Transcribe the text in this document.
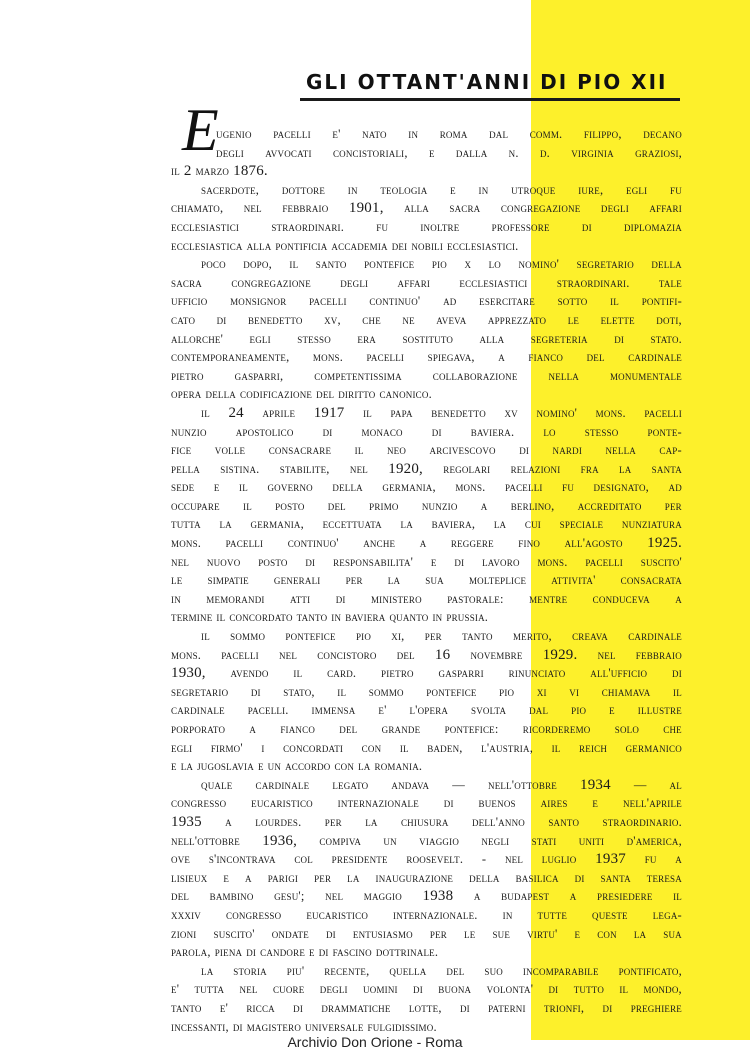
GLI OTTANT'ANNI DI PIO XII
E
ugenio pacelli e' nato in roma dal comm. filippo, decano
degli avvocati concistoriali, e dalla n. d. virginia graziosi,
il 2 marzo 1876.
sacerdote, dottore in teologia e in utroque iure, egli fu
chiamato, nel febbraio 1901, alla sacra congregazione degli affari
ecclesiastici	straordinari.	fu	inoltre	professore	di	diplomazia
ecclesiastica alla pontificia accademia dei nobili ecclesiastici.
poco dopo, il santo pontefice pio x lo nomino' segretario della
sacra congregazione degli affari ecclesiastici straordinari. tale
ufficio monsignor pacelli continuo' ad esercitare sotto il pontifi-
cato di benedetto xv, che ne aveva apprezzato le elette doti,
allorche' egli stesso era sostituto alla segreteria di stato.
contemporaneamente, mons. pacelli spiegava, a fianco del cardinale
pietro gasparri, competentissima collaborazione nella monumentale
opera della codificazione del diritto canonico.
il 24 aprile 1917 il papa benedetto xv nomino' mons. pacelli
nunzio apostolico di monaco di baviera. lo stesso ponte-
fice volle consacrare il neo arcivescovo di nardi nella cap-
pella sistina. stabilite, nel 1920, regolari relazioni fra la santa
sede e il governo della germania, mons. pacelli fu designato, ad
occupare il posto del primo nunzio a berlino, accreditato per
tutta la germania, eccettuata la baviera, la cui speciale nunziatura
mons. pacelli continuo' anche a reggere fino all'agosto 1925.
nel nuovo posto di responsabilita' e di lavoro mons. pacelli suscito'
le simpatie generali per la sua molteplice attivita' consacrata
in memorandi atti di ministero pastorale: mentre conduceva a
termine il concordato tanto in baviera quanto in prussia.
il sommo pontefice pio xi, per tanto merito, creava cardinale
mons. pacelli nel concistoro del 16 novembre 1929. nel febbraio
1930, avendo il card. pietro gasparri rinunciato all'ufficio di
segretario di stato, il sommo pontefice pio xi vi chiamava il
cardinale pacelli. immensa e' l'opera svolta dal pio e illustre
porporato a fianco del grande pontefice: ricorderemo solo che
egli firmo' i concordati con il baden, l'austria, il reich germanico
e la jugoslavia e un accordo con la romania.
quale cardinale legato andava — nell'ottobre 1934 — al
congresso eucaristico internazionale di buenos aires e nell'aprile
1935 a lourdes. per la chiusura dell'anno santo straordinario.
nell'ottobre 1936, compiva un viaggio negli stati uniti d'america,
ove s'incontrava col presidente roosevelt. - nel luglio 1937 fu a
lisieux e a parigi per la inaugurazione della basilica di santa teresa
del bambino gesu'; nel maggio 1938 a budapest a presiedere il
xxxiv congresso eucaristico internazionale. in tutte queste lega-
zioni suscito' ondate di entusiasmo per le sue virtu' e con la sua
parola, piena di candore e di fascino dottrinale.
la storia piu' recente, quella del suo incomparabile pontificato,
e' tutta nel cuore degli uomini di buona volonta' di tutto il mondo,
tanto e' ricca di drammatiche lotte, di paterni trionfi, di preghiere
incessanti, di magistero universale fulgidissimo.
Archivio Don Orione - Roma
